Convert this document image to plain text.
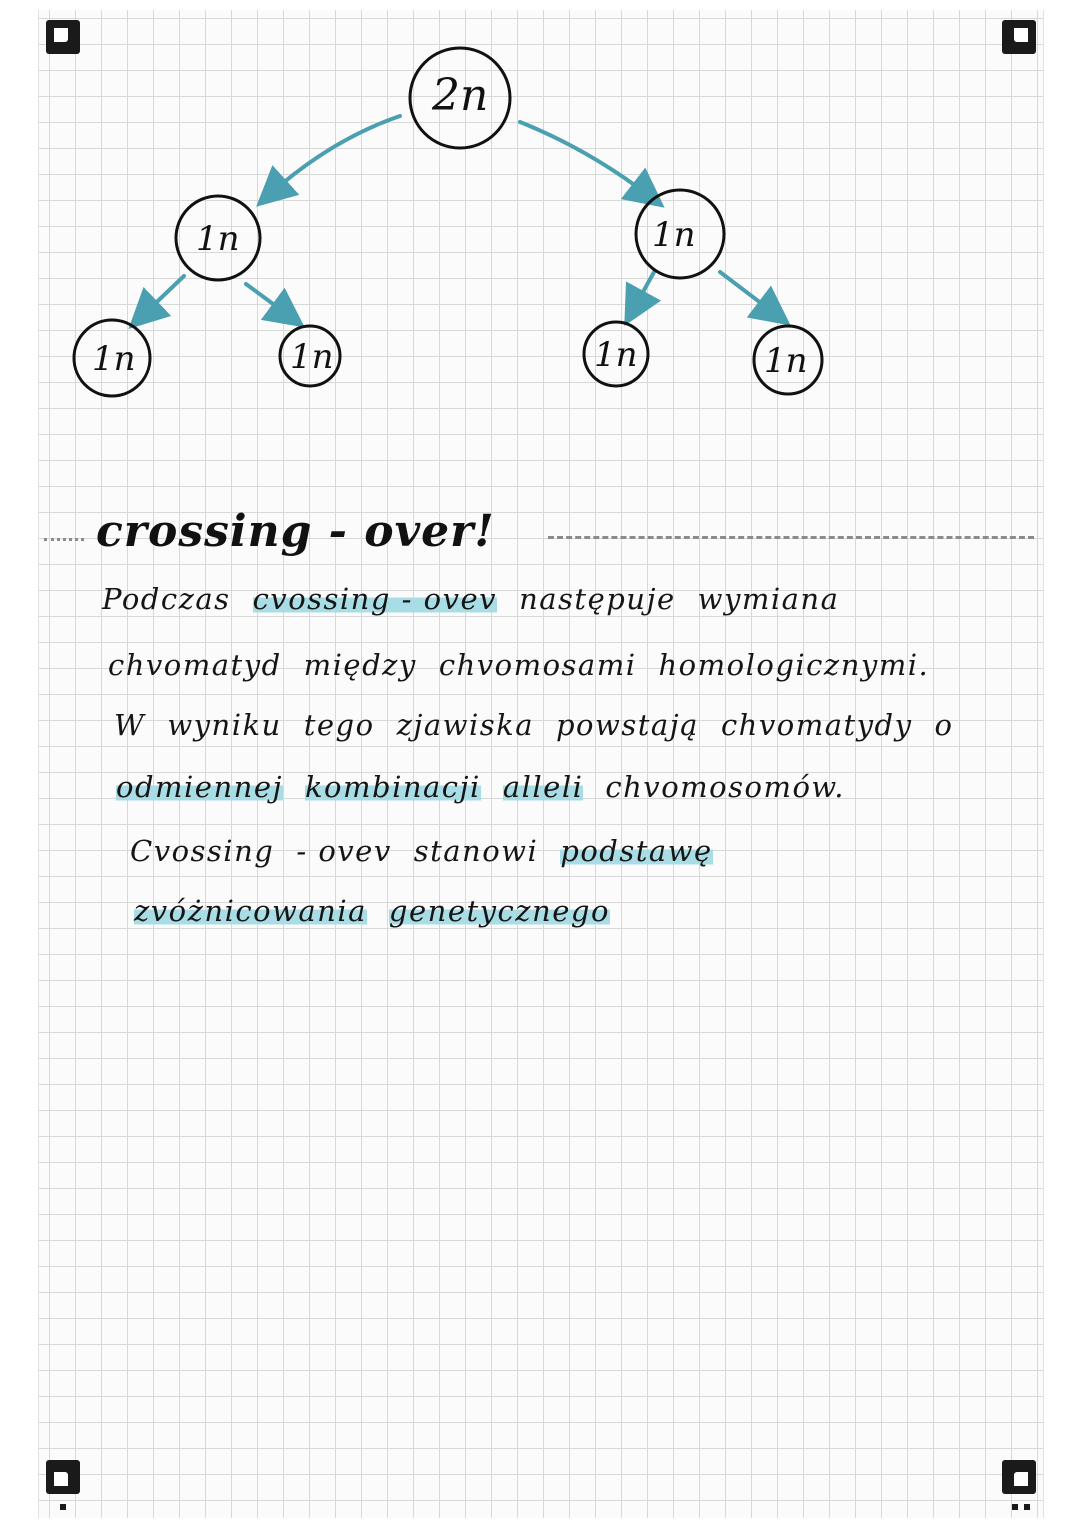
2n
1n	1n
1n	1n	1n	1n
crossing - over!
Podczas cvossing - ovev następuje wymiana
chvomatyd między chvomosami homologicznymi.
W wyniku tego zjawiska powstają chvomatydy o
odmiennej kombinacji alleli chvomosomów.
Cvossing - ovev stanowi podstawę
zvóżnicowania genetycznego
